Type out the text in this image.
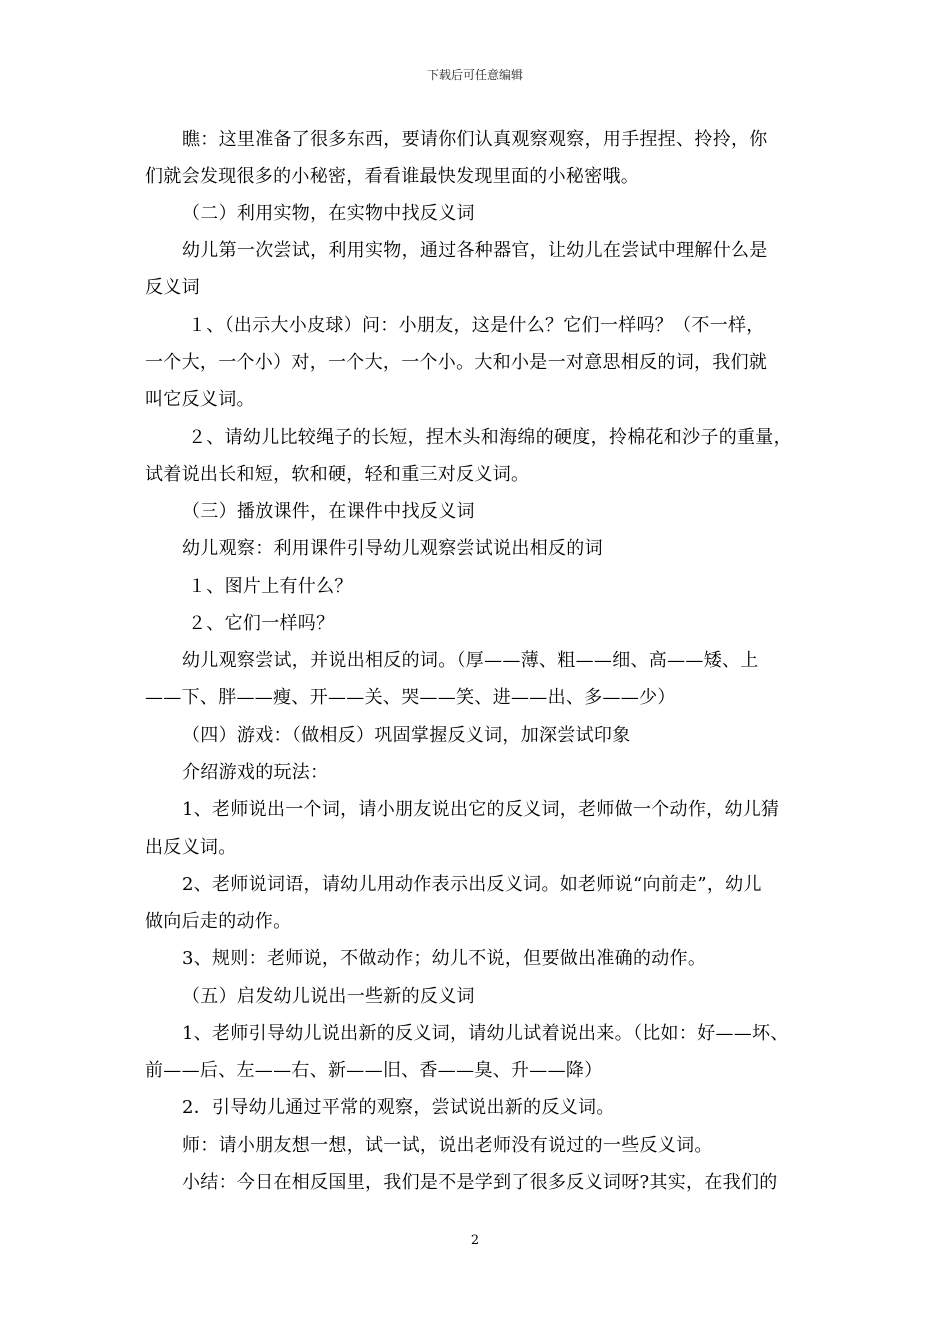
下载后可任意编辑
瞧：这里准备了很多东西，要请你们认真观察观察，用手捏捏、拎拎，你
们就会发现很多的小秘密，看看谁最快发现里面的小秘密哦。
（二）利用实物，在实物中找反义词
幼儿第一次尝试，利用实物，通过各种器官，让幼儿在尝试中理解什么是
反义词
１、（出示大小皮球）问：小朋友，这是什么？它们一样吗？（不一样，
一个大，一个小）对，一个大，一个小。大和小是一对意思相反的词，我们就
叫它反义词。
２、请幼儿比较绳子的长短，捏木头和海绵的硬度，拎棉花和沙子的重量，
试着说出长和短，软和硬，轻和重三对反义词。
（三）播放课件，在课件中找反义词
幼儿观察：利用课件引导幼儿观察尝试说出相反的词
１、图片上有什么？
２、它们一样吗？
幼儿观察尝试，并说出相反的词。（厚——薄、粗——细、高——矮、上
——下、胖——瘦、开——关、哭——笑、进——出、多——少）
（四）游戏：（做相反）巩固掌握反义词，加深尝试印象
介绍游戏的玩法：
1、老师说出一个词，请小朋友说出它的反义词，老师做一个动作，幼儿猜
出反义词。
2、老师说词语，请幼儿用动作表示出反义词。如老师说“向前走”，幼儿
做向后走的动作。
3、规则：老师说，不做动作；幼儿不说，但要做出准确的动作。
（五）启发幼儿说出一些新的反义词
1、老师引导幼儿说出新的反义词，请幼儿试着说出来。（比如：好——坏、
前——后、左——右、新——旧、香——臭、升——降）
2．引导幼儿通过平常的观察，尝试说出新的反义词。
师：请小朋友想一想，试一试，说出老师没有说过的一些反义词。
小结：今日在相反国里，我们是不是学到了很多反义词呀?其实，在我们的
2
